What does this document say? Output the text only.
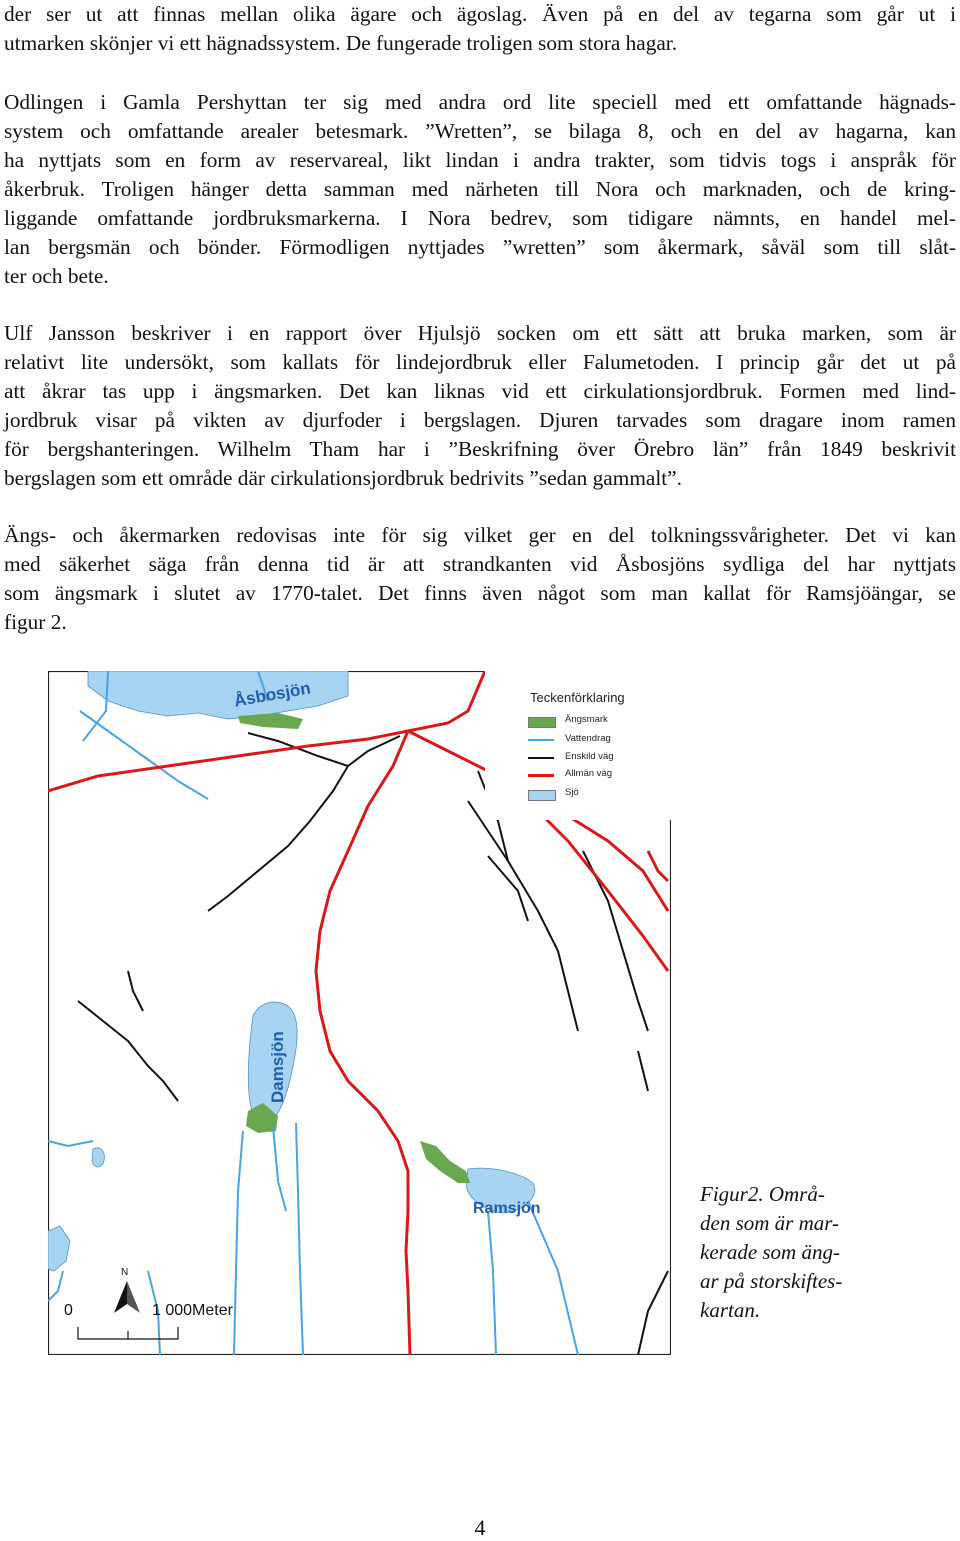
der ser ut att finnas mellan olika ägare och ägoslag. Även på en del av tegarna som går ut i
utmarken skönjer vi ett hägnadssystem. De fungerade troligen som stora hagar.
Odlingen i Gamla Pershyttan ter sig med andra ord lite speciell med ett omfattande hägnads-
system och omfattande arealer betesmark. ”Wretten”, se bilaga 8, och en del av hagarna, kan
ha nyttjats som en form av reservareal, likt lindan i andra trakter, som tidvis togs i anspråk för
åkerbruk. Troligen hänger detta samman med närheten till Nora och marknaden, och de kring-
liggande omfattande jordbruksmarkerna. I Nora bedrev, som tidigare nämnts, en handel mel-
lan bergsmän och bönder. Förmodligen nyttjades ”wretten” som åkermark, såväl som till slåt-
ter och bete.
Ulf Jansson beskriver i en rapport över Hjulsjö socken om ett sätt att bruka marken, som är
relativt lite undersökt, som kallats för lindejordbruk eller Falumetoden. I princip går det ut på
att åkrar tas upp i ängsmarken. Det kan liknas vid ett cirkulationsjordbruk. Formen med lind-
jordbruk visar på vikten av djurfoder i bergslagen. Djuren tarvades som dragare inom ramen
för bergshanteringen. Wilhelm Tham har i ”Beskrifning över Örebro län” från 1849 beskrivit
bergslagen som ett område där cirkulationsjordbruk bedrivits ”sedan gammalt”.
Ängs- och åkermarken redovisas inte för sig vilket ger en del tolkningssvårigheter. Det vi kan
med säkerhet säga från denna tid är att strandkanten vid Åsbosjöns sydliga del har nyttjats
som ängsmark i slutet av 1770-talet. Det finns även något som man kallat för Ramsjöängar, se
figur 2.
Åsbosjön
Damsjön
Ramsjön
N
0	1 000Meter
Teckenförklaring
Ängsmark
Vattendrag
Enskild väg
Allmän väg
Sjö
Figur2. Områ-
den som är mar-
kerade som äng-
ar på storskiftes-
kartan.
4
